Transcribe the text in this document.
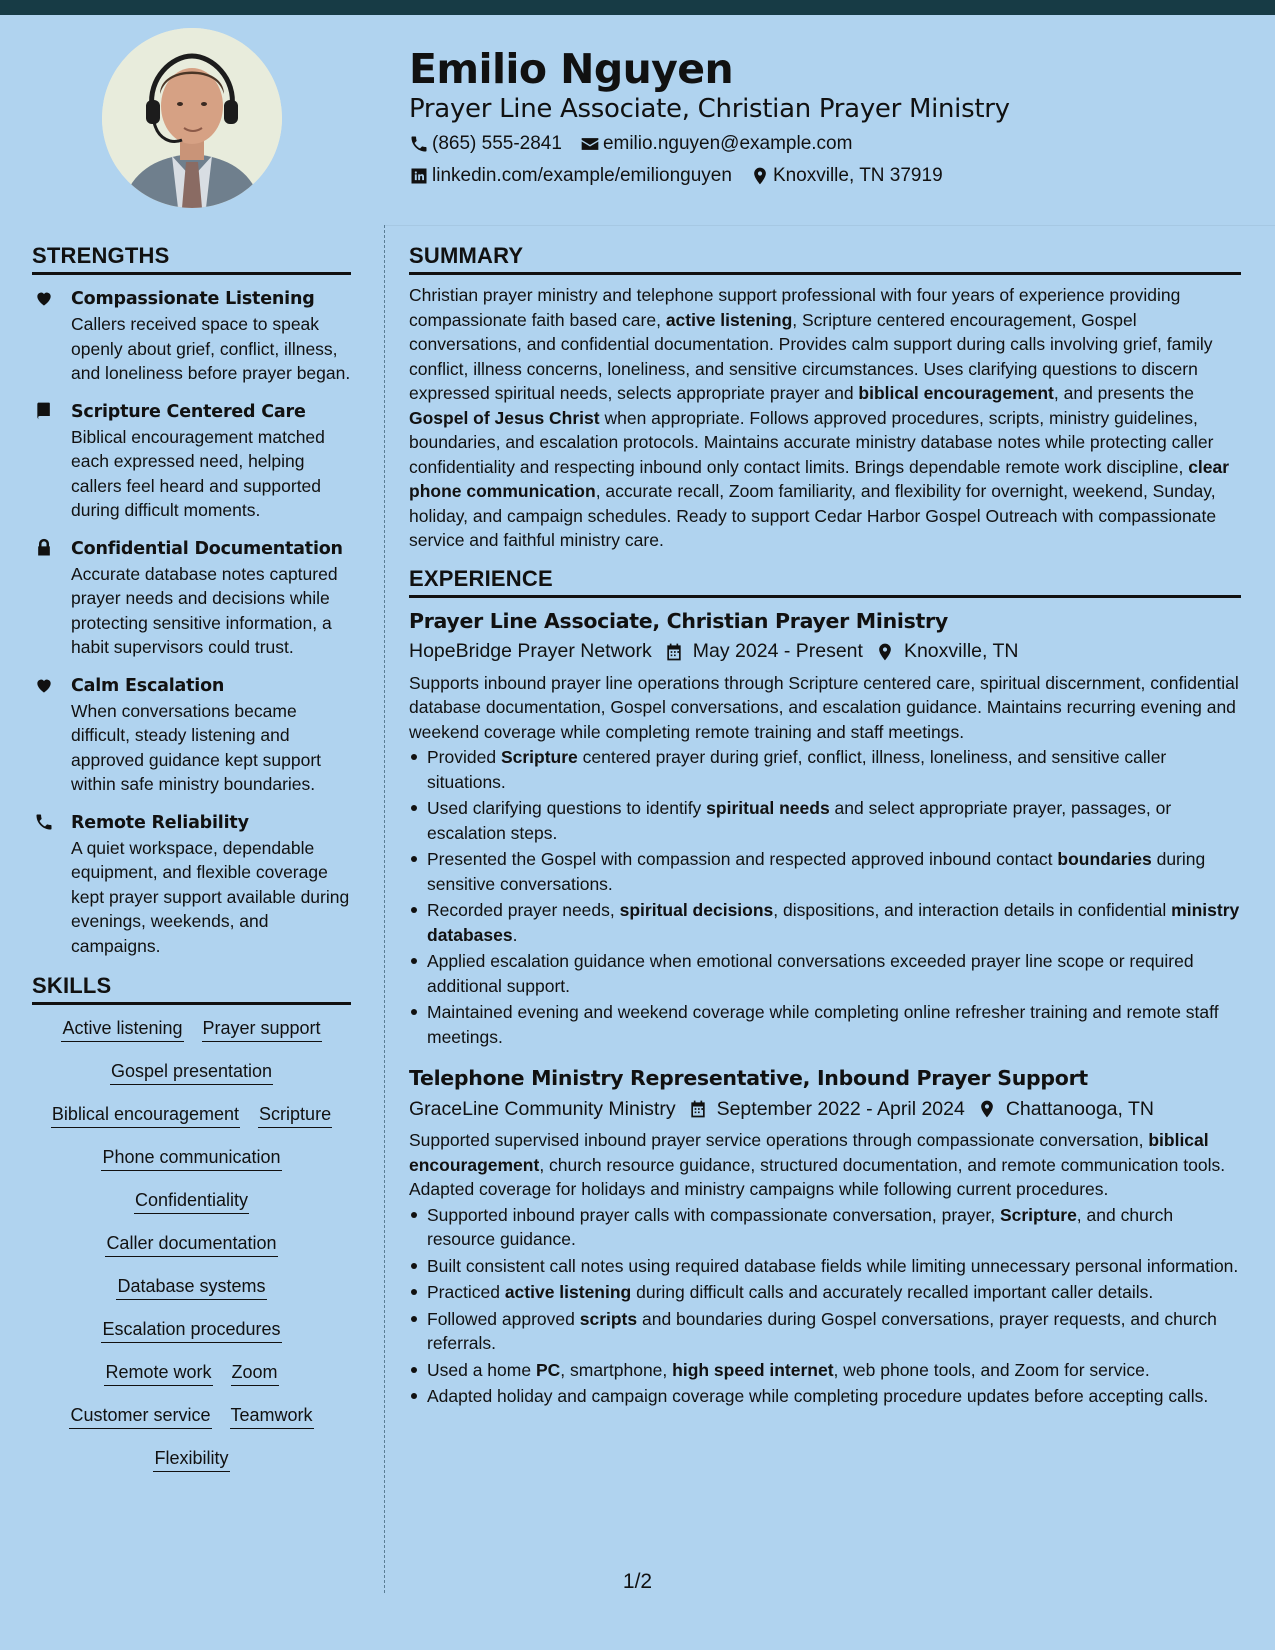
Emilio Nguyen
Prayer Line Associate, Christian Prayer Ministry
(865) 555-2841 emilio.nguyen@example.com
linkedin.com/example/emilionguyen Knoxville, TN 37919
STRENGTHS
Compassionate Listening
Callers received space to speak openly about grief, conflict, illness, and loneliness before prayer began.
Scripture Centered Care
Biblical encouragement matched each expressed need, helping callers feel heard and supported during difficult moments.
Confidential Documentation
Accurate database notes captured prayer needs and decisions while protecting sensitive information, a habit supervisors could trust.
Calm Escalation
When conversations became difficult, steady listening and approved guidance kept support within safe ministry boundaries.
Remote Reliability
A quiet workspace, dependable equipment, and flexible coverage kept prayer support available during evenings, weekends, and campaigns.
SKILLS
Active listening Prayer support
Gospel presentation
Biblical encouragement Scripture
Phone communication
Confidentiality
Caller documentation
Database systems
Escalation procedures
Remote work Zoom
Customer service Teamwork
Flexibility
SUMMARY

Christian prayer ministry and telephone support professional with four years of experience providing compassionate faith based care, active listening, Scripture centered encouragement, Gospel conversations, and confidential documentation. Provides calm support during calls involving grief, family conflict, illness concerns, loneliness, and sensitive circumstances. Uses clarifying questions to discern expressed spiritual needs, selects appropriate prayer and biblical encouragement, and presents the Gospel of Jesus Christ when appropriate. Follows approved procedures, scripts, ministry guidelines, boundaries, and escalation protocols. Maintains accurate ministry database notes while protecting caller confidentiality and respecting inbound only contact limits. Brings dependable remote work discipline, clear phone communication, accurate recall, Zoom familiarity, and flexibility for overnight, weekend, Sunday, holiday, and campaign schedules. Ready to support Cedar Harbor Gospel Outreach with compassionate service and faithful ministry care.

EXPERIENCE
Prayer Line Associate, Christian Prayer Ministry
HopeBridge Prayer Network May 2024 - Present Knoxville, TN

Supports inbound prayer line operations through Scripture centered care, spiritual discernment, confidential database documentation, Gospel conversations, and escalation guidance. Maintains recurring evening and weekend coverage while completing remote training and staff meetings.

Provided Scripture centered prayer during grief, conflict, illness, loneliness, and sensitive caller situations.
Used clarifying questions to identify spiritual needs and select appropriate prayer, passages, or escalation steps.
Presented the Gospel with compassion and respected approved inbound contact boundaries during sensitive conversations.
Recorded prayer needs, spiritual decisions, dispositions, and interaction details in confidential ministry databases.
Applied escalation guidance when emotional conversations exceeded prayer line scope or required additional support.
Maintained evening and weekend coverage while completing online refresher training and remote staff meetings.
Telephone Ministry Representative, Inbound Prayer Support
GraceLine Community Ministry September 2022 - April 2024 Chattanooga, TN

Supported supervised inbound prayer service operations through compassionate conversation, biblical encouragement, church resource guidance, structured documentation, and remote communication tools. Adapted coverage for holidays and ministry campaigns while following current procedures.

Supported inbound prayer calls with compassionate conversation, prayer, Scripture, and church resource guidance.
Built consistent call notes using required database fields while limiting unnecessary personal information.
Practiced active listening during difficult calls and accurately recalled important caller details.
Followed approved scripts and boundaries during Gospel conversations, prayer requests, and church referrals.
Used a home PC, smartphone, high speed internet, web phone tools, and Zoom for service.
Adapted holiday and campaign coverage while completing procedure updates before accepting calls.
1/2
